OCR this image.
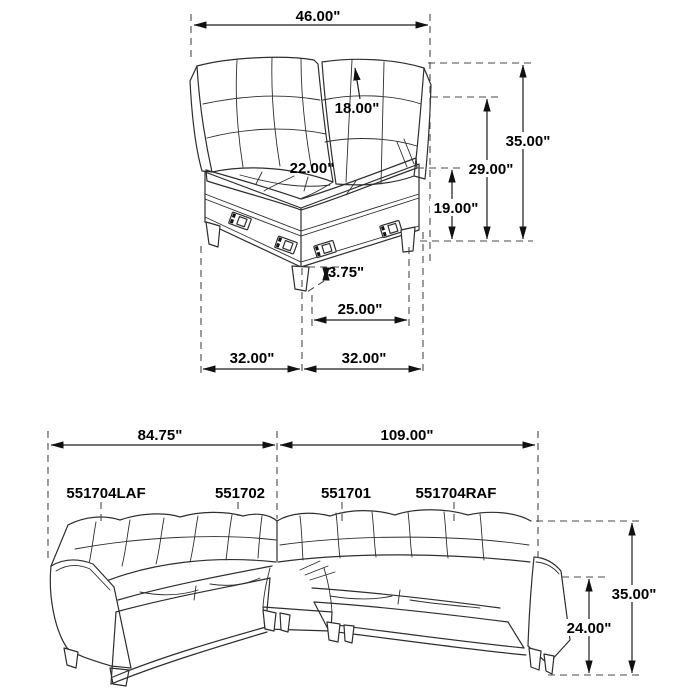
46.00"
18.00"
22.00"
35.00"
29.00"
19.00"
3.75"
25.00"
32.00"	32.00"
551704LAF	551702	551701	551704RAF
84.75"	109.00"
35.00"
24.00"
